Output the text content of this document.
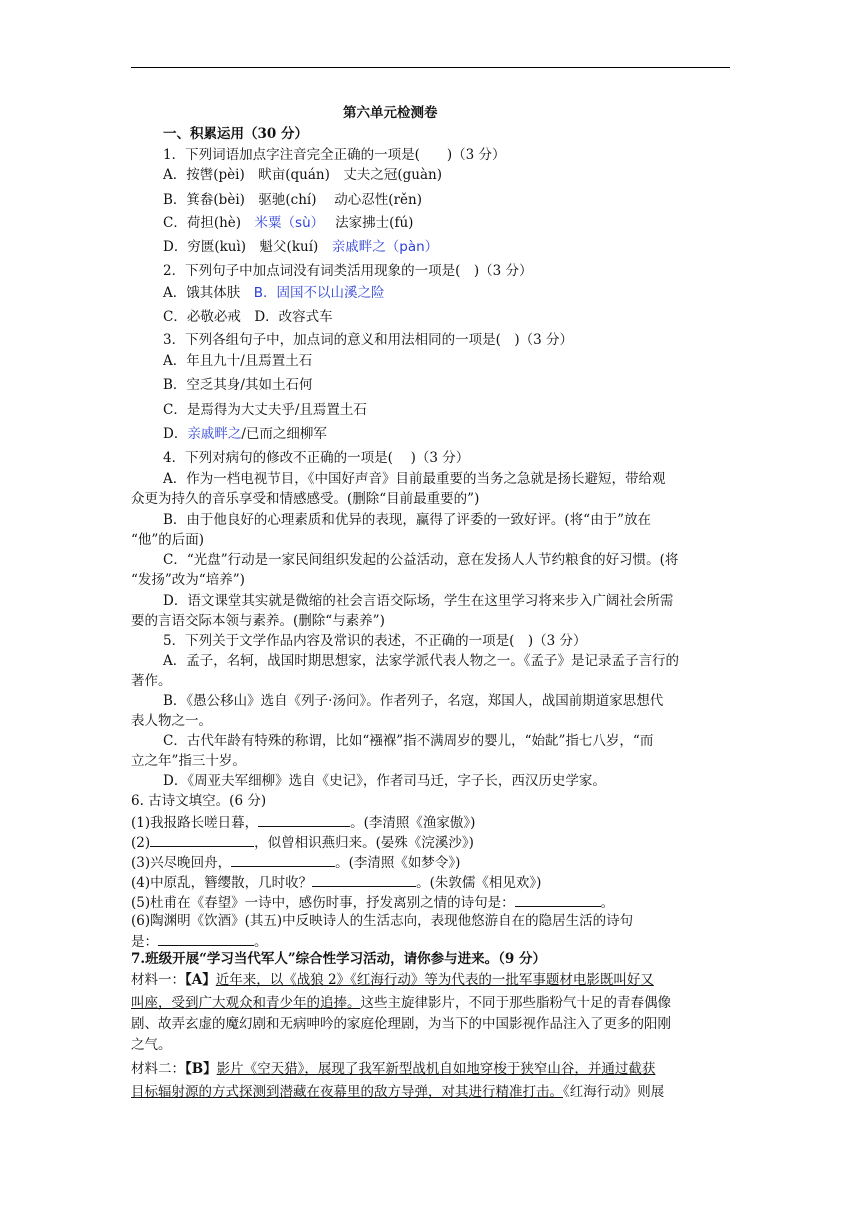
第六单元检测卷
一、积累运用（30 分）
1．下列词语加点字注音完全正确的一项是(　　)（3 分）
A．按辔(pèi)　畎亩(quán)　丈夫之冠(guàn)
B．箕畚(bèi)　驱驰(chí)　 动心忍性(rěn)
C．荷担(hè)　米粟（sù）　 法家拂士(fú)
D．穷匮(kuì)　魁父(kuí)　亲戚畔之（pàn）
2．下列句子中加点词没有词类活用现象的一项是(　)（3 分）
A．饿其体肤　 B．固国不以山溪之险
C．必敬必戒　D．改容式车
3．下列各组句子中，加点词的意义和用法相同的一项是(　)（3 分）
A．年且九十/且焉置土石
B．空乏其身/其如土石何
C．是焉得为大丈夫乎/且焉置土石
D．亲戚畔之/已而之细柳军
4．下列对病句的修改不正确的一项是(　 )（3 分）
A．作为一档电视节目，《中国好声音》目前最重要的当务之急就是扬长避短，带给观
众更为持久的音乐享受和情感感受。(删除“目前最重要的”)
B．由于他良好的心理素质和优异的表现，赢得了评委的一致好评。(将“由于”放在
“他”的后面)
C．“光盘”行动是一家民间组织发起的公益活动，意在发扬人人节约粮食的好习惯。(将
“发扬”改为“培养”)
D．语文课堂其实就是微缩的社会言语交际场，学生在这里学习将来步入广阔社会所需
要的言语交际本领与素养。(删除“与素养”)
5．下列关于文学作品内容及常识的表述，不正确的一项是(　)（3 分）
A．孟子，名轲，战国时期思想家，法家学派代表人物之一。《孟子》是记录孟子言行的
著作。
B．《愚公移山》选自《列子·汤问》。作者列子，名寇，郑国人，战国前期道家思想代
表人物之一。
C．古代年龄有特殊的称谓，比如“襁褓”指不满周岁的婴儿，“始龀”指七八岁，“而
立之年”指三十岁。
D．《周亚夫军细柳》选自《史记》，作者司马迁，字子长，西汉历史学家。
6. 古诗文填空。(6 分)
(1)我报路长嗟日暮，	。(李清照《渔家傲》)
(2)	，似曾相识燕归来。(晏殊《浣溪沙》)
(3)兴尽晚回舟，	。(李清照《如梦令》)
(4)中原乱，簪缨散，几时收？	。(朱敦儒《相见欢》)
(5)杜甫在《春望》一诗中，感伤时事，抒发离别之情的诗句是：	。
(6)陶渊明《饮酒》(其五)中反映诗人的生活志向，表现他悠游自在的隐居生活的诗句
是：	。
7.班级开展“学习当代军人”综合性学习活动，请你参与进来。（9 分）
材料一：【A】近年来，以《战狼 2》《红海行动》等为代表的一批军事题材电影既叫好又
叫座，受到广大观众和青少年的追捧。这些主旋律影片，不同于那些脂粉气十足的青春偶像
剧、故弄玄虚的魔幻剧和无病呻吟的家庭伦理剧，为当下的中国影视作品注入了更多的阳刚
之气。
材料二：【B】影片《空天猎》，展现了我军新型战机自如地穿梭于狭窄山谷，并通过截获
目标辐射源的方式探测到潜藏在夜幕里的敌方导弹，对其进行精准打击。《红海行动》则展
